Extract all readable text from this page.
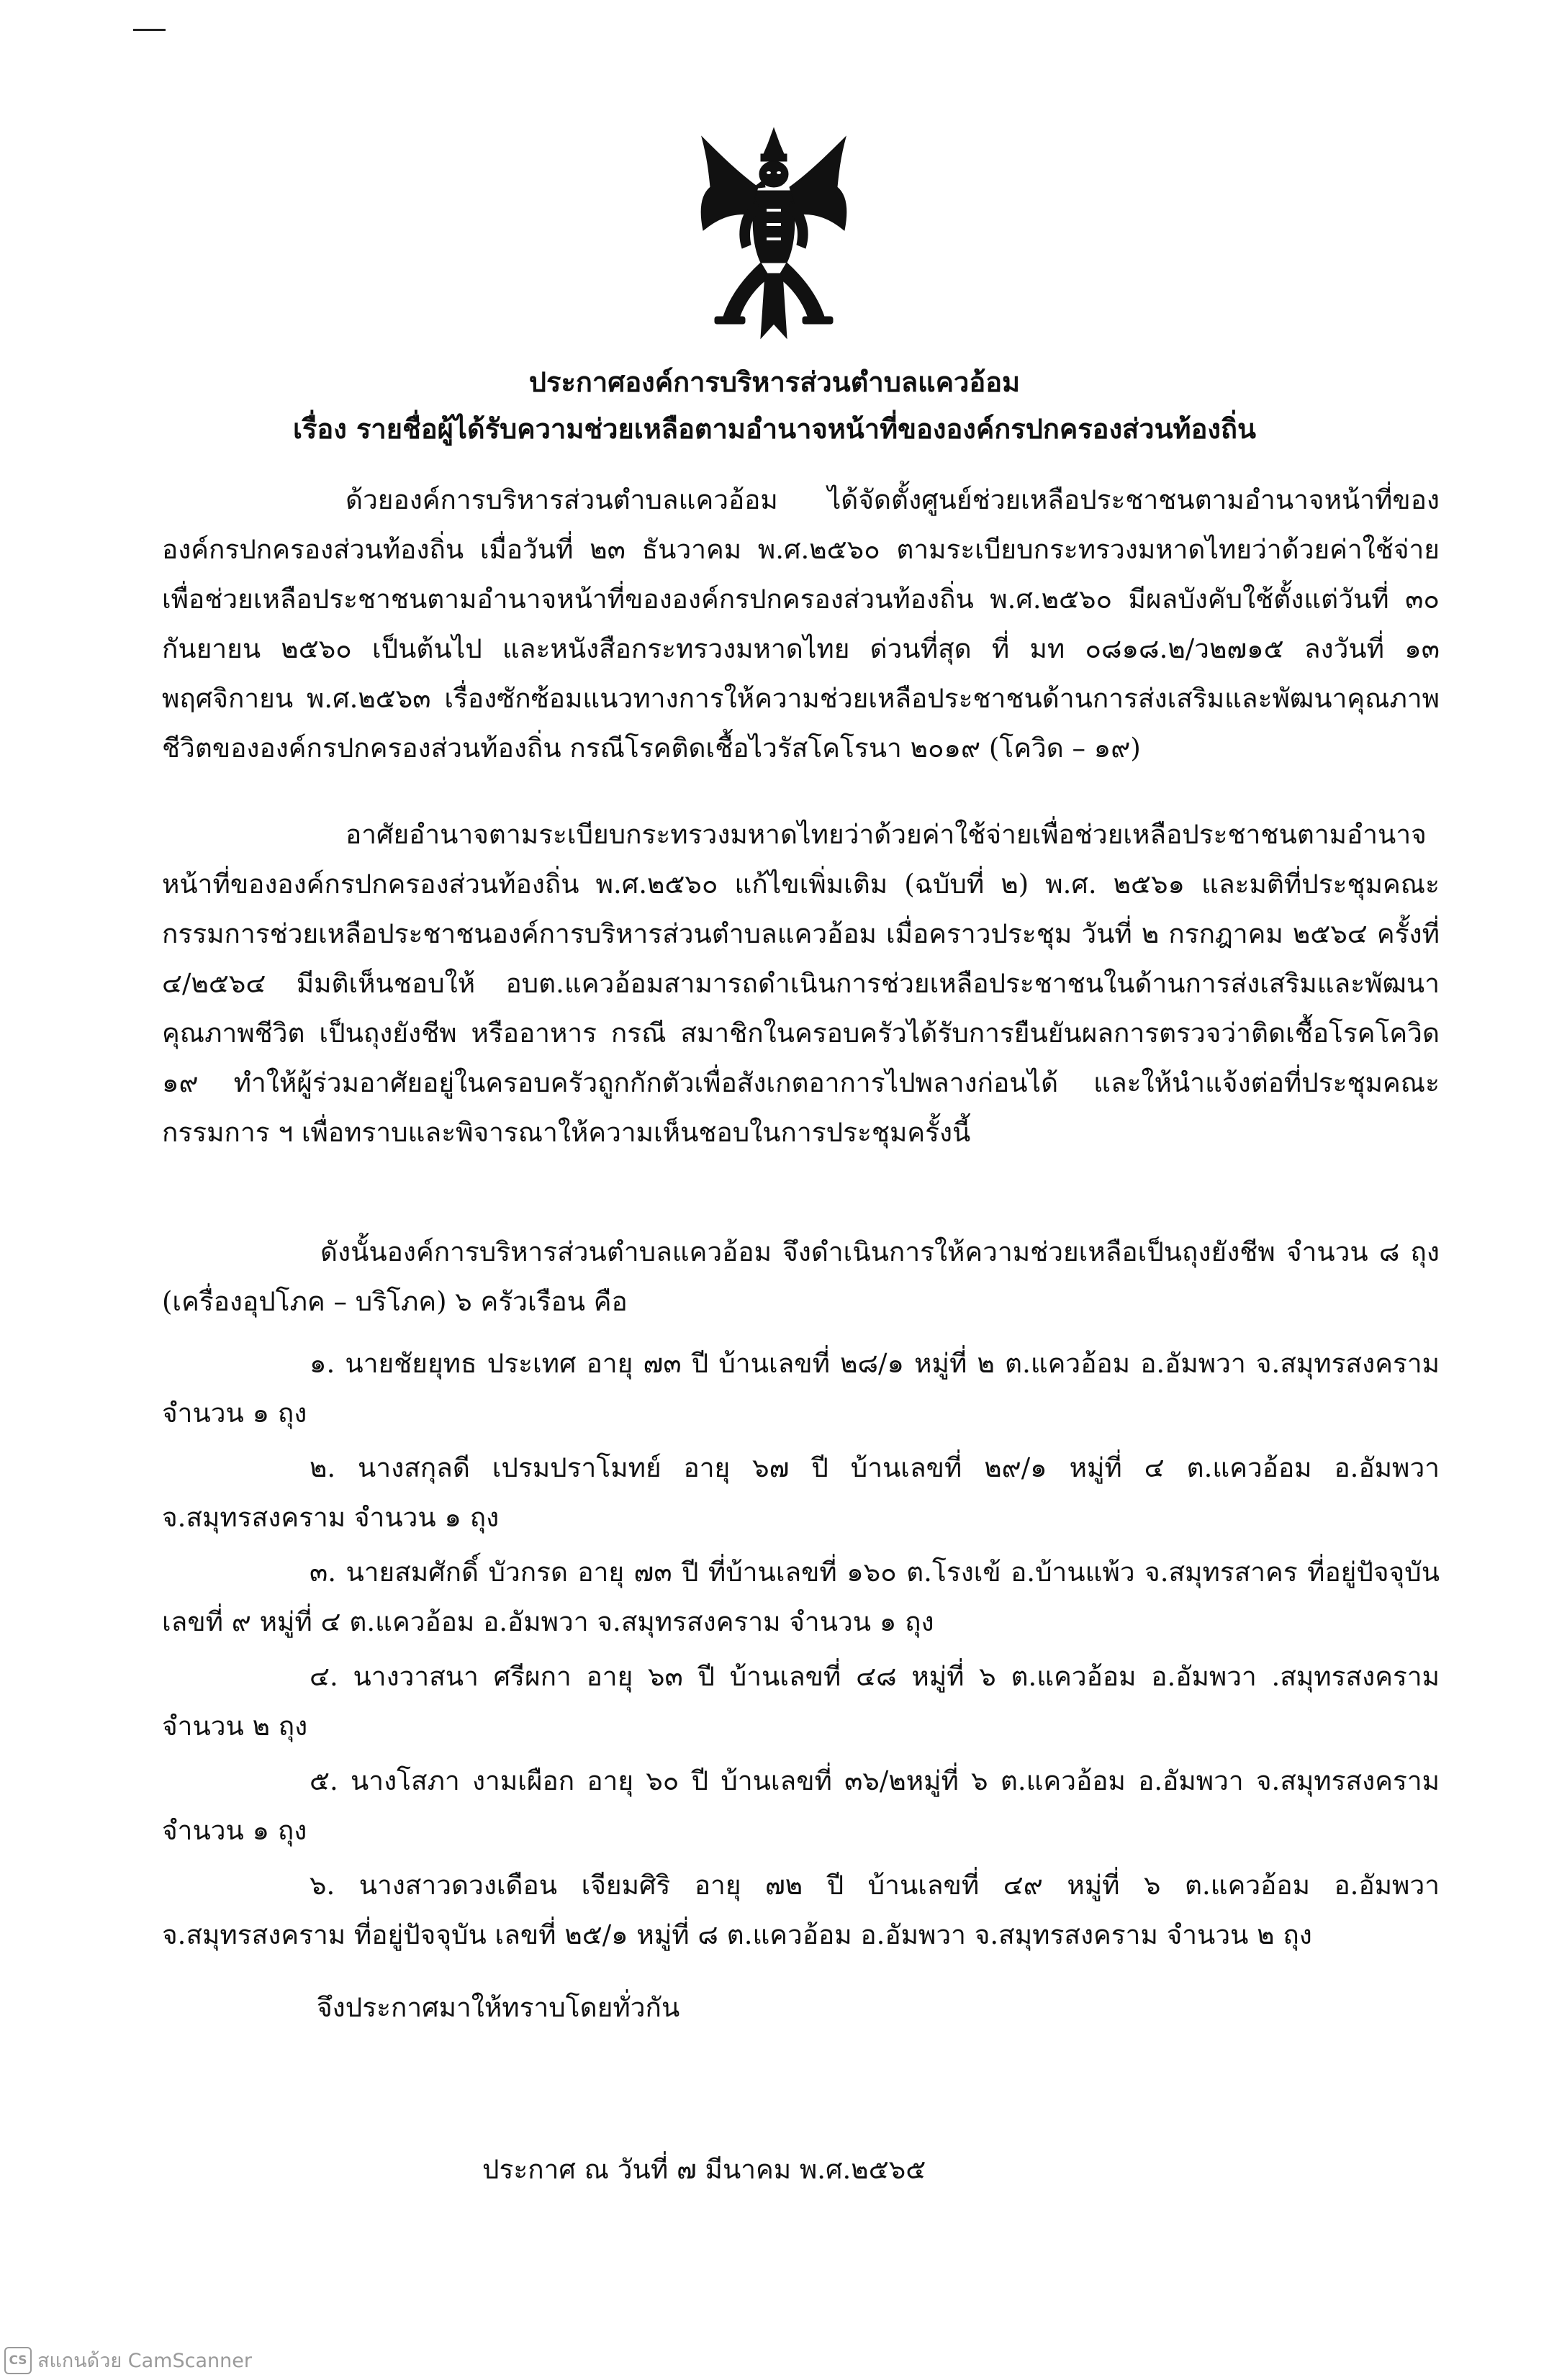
ประกาศองค์การบริหารส่วนตำบลแควอ้อม
เรื่อง รายชื่อผู้ได้รับความช่วยเหลือตามอำนาจหน้าที่ขององค์กรปกครองส่วนท้องถิ่น
ด้วยองค์การบริหารส่วนตำบลแควอ้อม ได้จัดตั้งศูนย์ช่วยเหลือประชาชนตามอำนาจหน้าที่ขององค์กรปกครองส่วนท้องถิ่น เมื่อวันที่ ๒๓ ธันวาคม พ.ศ.๒๕๖๐ ตามระเบียบกระทรวงมหาดไทยว่าด้วยค่าใช้จ่ายเพื่อช่วยเหลือประชาชนตามอำนาจหน้าที่ขององค์กรปกครองส่วนท้องถิ่น พ.ศ.๒๕๖๐ มีผลบังคับใช้ตั้งแต่วันที่ ๓๐ กันยายน ๒๕๖๐ เป็นต้นไป และหนังสือกระทรวงมหาดไทย ด่วนที่สุด ที่ มท ๐๘๑๘.๒/ว๒๗๑๕ ลงวันที่ ๑๓ พฤศจิกายน พ.ศ.๒๕๖๓ เรื่องซักซ้อมแนวทางการให้ความช่วยเหลือประชาชนด้านการส่งเสริมและพัฒนาคุณภาพชีวิตขององค์กรปกครองส่วนท้องถิ่น กรณีโรคติดเชื้อไวรัสโคโรนา ๒๐๑๙ (โควิด – ๑๙)
อาศัยอำนาจตามระเบียบกระทรวงมหาดไทยว่าด้วยค่าใช้จ่ายเพื่อช่วยเหลือประชาชนตามอำนาจหน้าที่ขององค์กรปกครองส่วนท้องถิ่น พ.ศ.๒๕๖๐ แก้ไขเพิ่มเติม (ฉบับที่ ๒) พ.ศ. ๒๕๖๑ และมติที่ประชุมคณะกรรมการช่วยเหลือประชาชนองค์การบริหารส่วนตำบลแควอ้อม เมื่อคราวประชุม วันที่ ๒ กรกฎาคม ๒๕๖๔ ครั้งที่ ๔/๒๕๖๔ มีมติเห็นชอบให้ อบต.แควอ้อมสามารถดำเนินการช่วยเหลือประชาชนในด้านการส่งเสริมและพัฒนาคุณภาพชีวิต เป็นถุงยังชีพ หรืออาหาร กรณี สมาชิกในครอบครัวได้รับการยืนยันผลการตรวจว่าติดเชื้อโรคโควิด ๑๙ ทำให้ผู้ร่วมอาศัยอยู่ในครอบครัวถูกกักตัวเพื่อสังเกตอาการไปพลางก่อนได้ และให้นำแจ้งต่อที่ประชุมคณะกรรมการ ฯ เพื่อทราบและพิจารณาให้ความเห็นชอบในการประชุมครั้งนี้
ดังนั้นองค์การบริหารส่วนตำบลแควอ้อม จึงดำเนินการให้ความช่วยเหลือเป็นถุงยังชีพ จำนวน ๘ ถุง (เครื่องอุปโภค – บริโภค) ๖ ครัวเรือน คือ
๑. นายชัยยุทธ ประเทศ อายุ ๗๓ ปี บ้านเลขที่ ๒๘/๑ หมู่ที่ ๒ ต.แควอ้อม อ.อัมพวา จ.สมุทรสงคราม จำนวน ๑ ถุง
๒. นางสกุลดี เปรมปราโมทย์ อายุ ๖๗ ปี บ้านเลขที่ ๒๙/๑ หมู่ที่ ๔ ต.แควอ้อม อ.อัมพวา จ.สมุทรสงคราม จำนวน ๑ ถุง
๓. นายสมศักดิ์ บัวกรด อายุ ๗๓ ปี ที่บ้านเลขที่ ๑๖๐ ต.โรงเข้ อ.บ้านแพ้ว จ.สมุทรสาคร ที่อยู่ปัจจุบันเลขที่ ๙ หมู่ที่ ๔ ต.แควอ้อม อ.อัมพวา จ.สมุทรสงคราม จำนวน ๑ ถุง
๔. นางวาสนา ศรีผกา อายุ ๖๓ ปี บ้านเลขที่ ๔๘ หมู่ที่ ๖ ต.แควอ้อม อ.อัมพวา .สมุทรสงคราม จำนวน ๒ ถุง
๕. นางโสภา งามเผือก อายุ ๖๐ ปี บ้านเลขที่ ๓๖/๒หมู่ที่ ๖ ต.แควอ้อม อ.อัมพวา จ.สมุทรสงคราม จำนวน ๑ ถุง
๖. นางสาวดวงเดือน เจียมศิริ อายุ ๗๒ ปี บ้านเลขที่ ๔๙ หมู่ที่ ๖ ต.แควอ้อม อ.อัมพวา จ.สมุทรสงคราม ที่อยู่ปัจจุบัน เลขที่ ๒๕/๑ หมู่ที่ ๘ ต.แควอ้อม อ.อัมพวา จ.สมุทรสงคราม จำนวน ๒ ถุง
จึงประกาศมาให้ทราบโดยทั่วกัน
ประกาศ ณ วันที่ ๗ มีนาคม พ.ศ.๒๕๖๕
CS สแกนด้วย CamScanner
